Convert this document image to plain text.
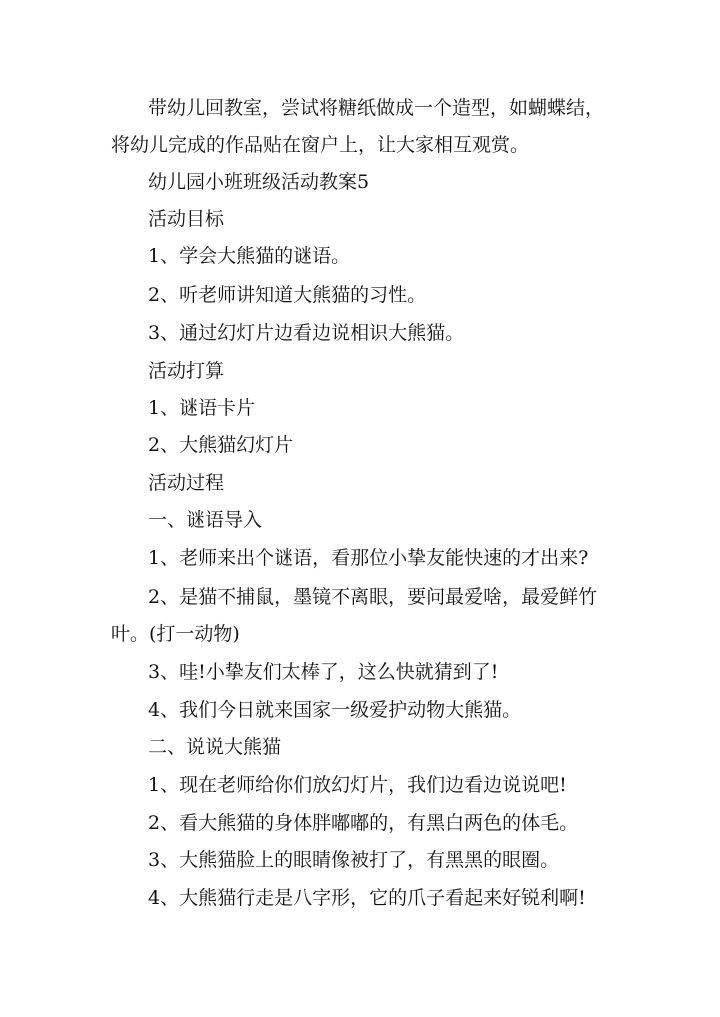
带幼儿回教室，尝试将糖纸做成一个造型，如蝴蝶结，
将幼儿完成的作品贴在窗户上，让大家相互观赏。
幼儿园小班班级活动教案5
活动目标
1、学会大熊猫的谜语。
2、听老师讲知道大熊猫的习性。
3、通过幻灯片边看边说相识大熊猫。
活动打算
1、谜语卡片
2、大熊猫幻灯片
活动过程
一、谜语导入
1、老师来出个谜语，看那位小挚友能快速的才出来?
2、是猫不捕鼠，墨镜不离眼，要问最爱啥，最爱鲜竹
叶。(打一动物)
3、哇!小挚友们太棒了，这么快就猜到了!
4、我们今日就来国家一级爱护动物大熊猫。
二、说说大熊猫
1、现在老师给你们放幻灯片，我们边看边说说吧!
2、看大熊猫的身体胖嘟嘟的，有黑白两色的体毛。
3、大熊猫脸上的眼睛像被打了，有黑黑的眼圈。
4、大熊猫行走是八字形，它的爪子看起来好锐利啊!
